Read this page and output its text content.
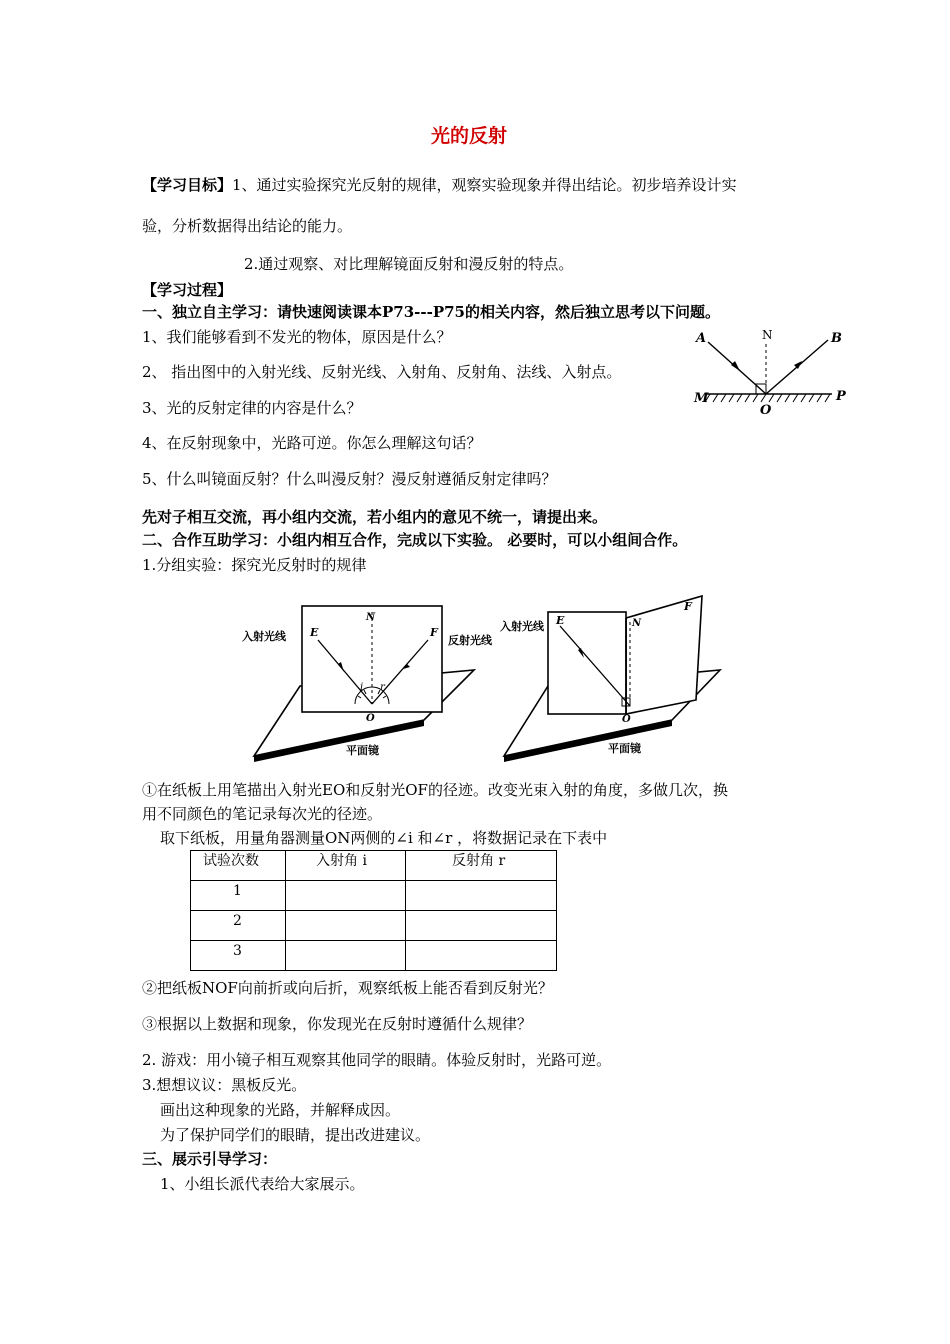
光的反射
【学习目标】1、通过实验探究光反射的规律，观察实验现象并得出结论。初步培养设计实
验，分析数据得出结论的能力。
2.通过观察、对比理解镜面反射和漫反射的特点。
【学习过程】
一、独立自主学习：请快速阅读课本P73---P75的相关内容，然后独立思考以下问题。
1、我们能够看到不发光的物体，原因是什么？
2、 指出图中的入射光线、反射光线、入射角、反射角、法线、入射点。
3、光的反射定律的内容是什么？
4、在反射现象中，光路可逆。你怎么理解这句话？
5、什么叫镜面反射？什么叫漫反射？漫反射遵循反射定律吗？
先对子相互交流，再小组内交流，若小组内的意见不统一，请提出来。
A	N	B
M
O
P
二、合作互助学习：小组内相互合作，完成以下实验。 必要时，可以小组间合作。
1.分组实验：探究光反射时的规律
入射光线	反射光线
E	F
N
i r
O
平面镜
入射光线 E
F
N
O
平面镜
①在纸板上用笔描出入射光EO和反射光OF的径迹。改变光束入射的角度，多做几次，换
用不同颜色的笔记录每次光的径迹。
取下纸板，用量角器测量ON两侧的∠i 和∠r ，将数据记录在下表中
试验次数	入射角 i	反射角 r

1		

2		

3		

②把纸板NOF向前折或向后折，观察纸板上能否看到反射光？
③根据以上数据和现象，你发现光在反射时遵循什么规律？
2. 游戏：用小镜子相互观察其他同学的眼睛。体验反射时，光路可逆。
3.想想议议：黑板反光。
画出这种现象的光路，并解释成因。
为了保护同学们的眼睛，提出改进建议。
三、展示引导学习：
1、小组长派代表给大家展示。
